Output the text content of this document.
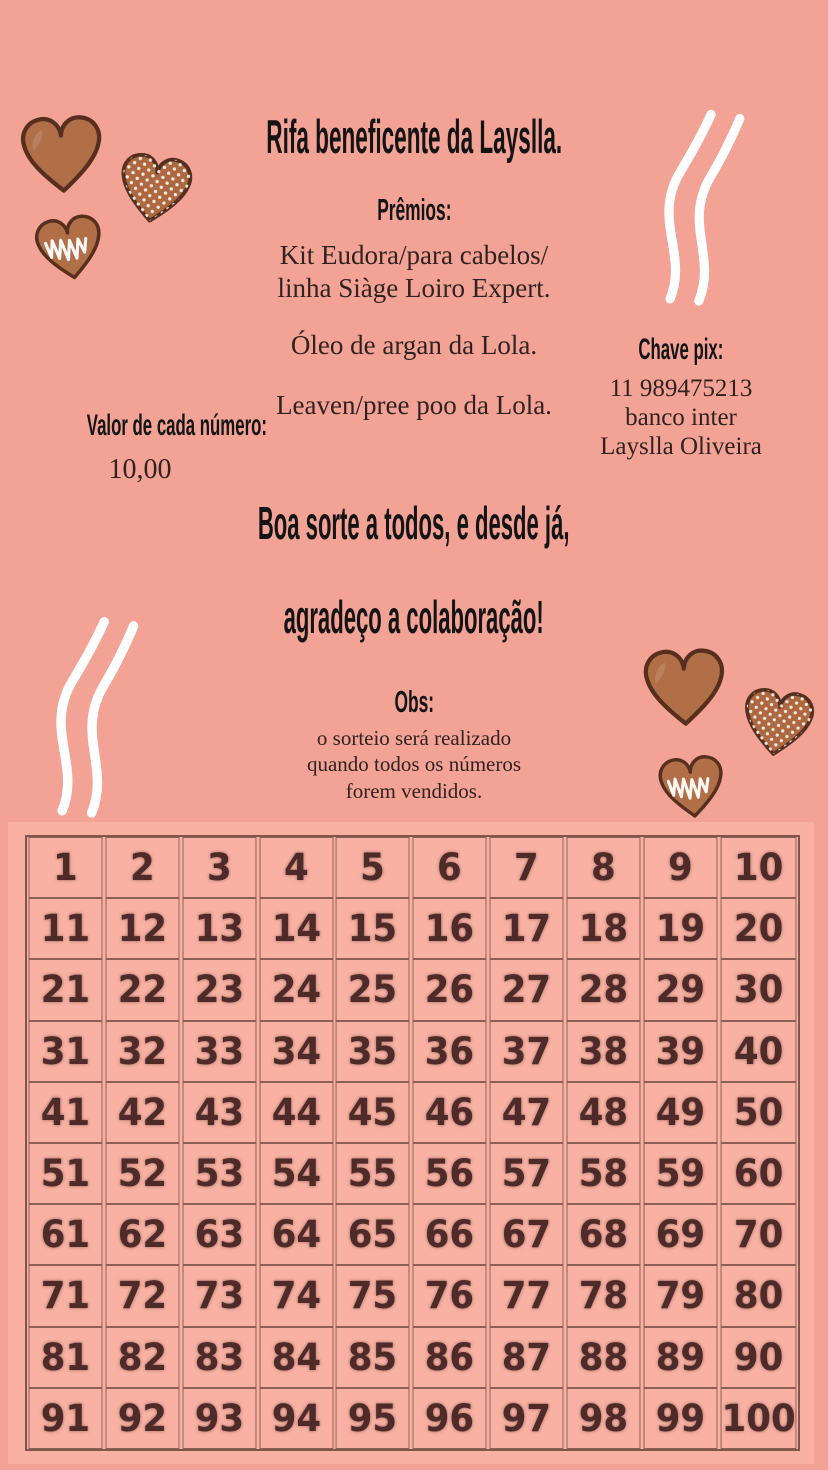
Rifa beneficente da Layslla.
Prêmios:
Kit Eudora/para cabelos/
linha Siàge Loiro Expert.
Óleo de argan da Lola.
Leaven/pree poo da Lola.
Chave pix:
11 989475213
banco inter
Layslla Oliveira
Valor de cada número:
10,00
Boa sorte a todos, e desde já,

agradeço a colaboração!
Obs:
o sorteio será realizado
quando todos os números
forem vendidos.
1	2	3	4	5	6	7	8	9	10
11 12 13 14 15 16 17 18 19 20
21 22 23 24 25 26 27 28 29 30
31 32 33 34 35 36 37 38 39 40
41 42 43 44 45 46 47 48 49 50
51 52 53 54 55 56 57 58 59 60
61 62 63 64 65 66 67 68 69 70
71 72 73 74 75 76 77 78 79 80
81 82 83 84 85 86 87 88 89 90
91 92 93 94 95 96 97 98 99 100
